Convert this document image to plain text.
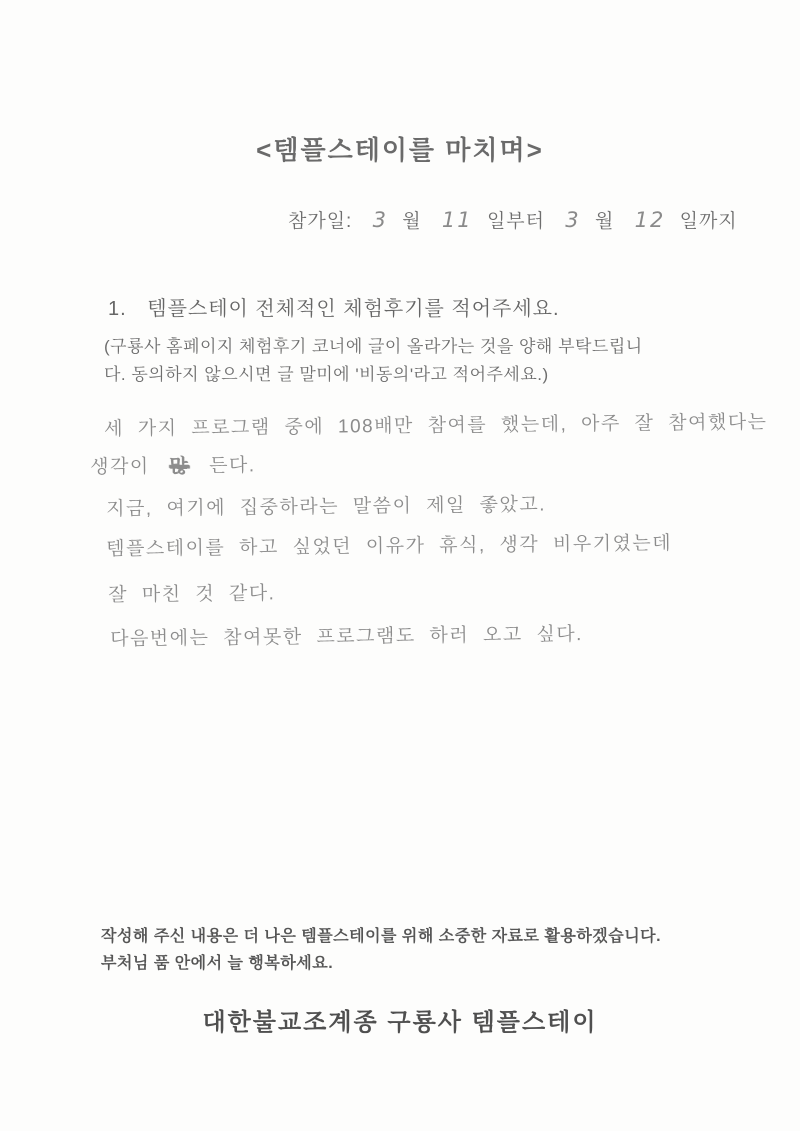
<템플스테이를 마치며>
참가일: 3 월 11 일부터 3 월 12 일까지
1. 템플스테이 전체적인 체험후기를 적어주세요.
(구룡사 홈페이지 체험후기 코너에 글이 올라가는 것을 양해 부탁드립니
다. 동의하지 않으시면 글 말미에 '비동의'라고 적어주세요.)
세 가지 프로그램 중에 108배만 참여를 했는데, 아주 잘 참여했다는
생각이 많 든다.
지금, 여기에 집중하라는 말씀이 제일 좋았고.
템플스테이를 하고 싶었던 이유가 휴식, 생각 비우기였는데
잘 마친 것 같다.
다음번에는 참여못한 프로그램도 하러 오고 싶다.
작성해 주신 내용은 더 나은 템플스테이를 위해 소중한 자료로 활용하겠습니다.
부처님 품 안에서 늘 행복하세요.
대한불교조계종 구룡사 템플스테이
